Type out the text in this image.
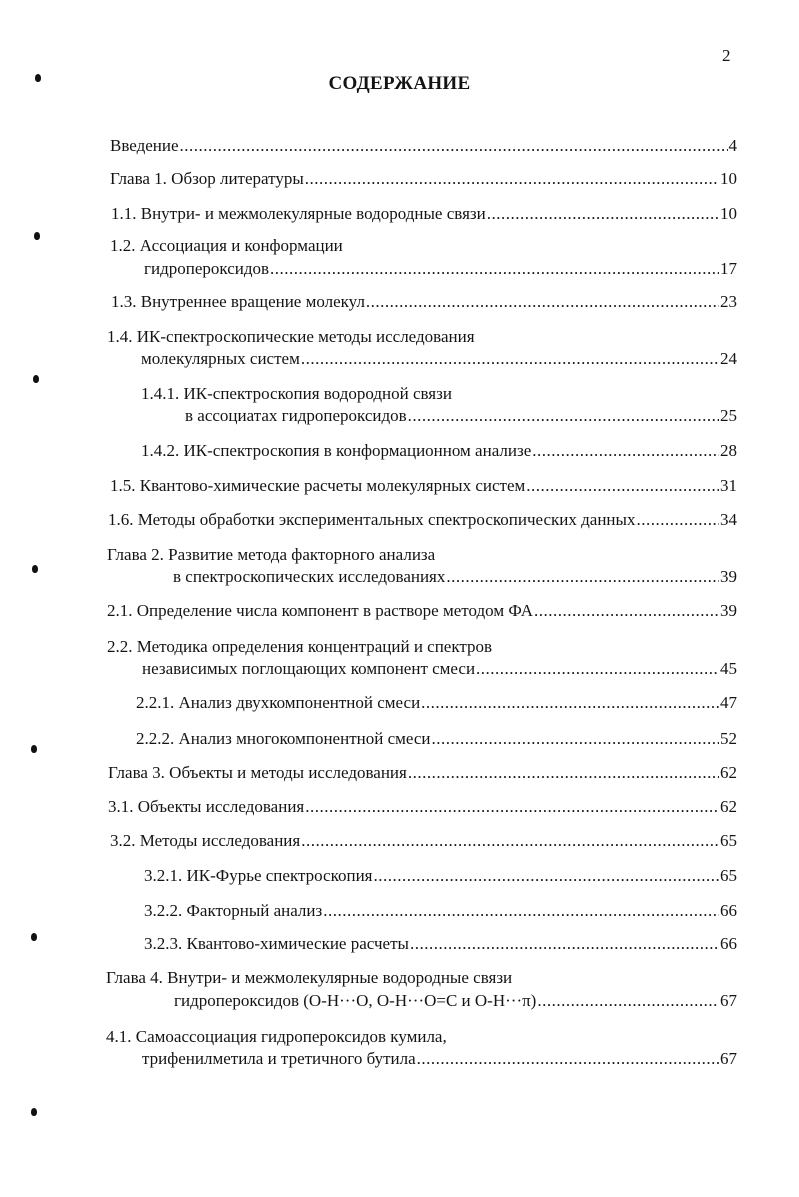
2
СОДЕРЖАНИЕ
Введение .....	4
Глава 1. Обзор литературы .....	10
1.1. Внутри- и межмолекулярные водородные связи .....	10
1.2. Ассоциация и конформации
гидропероксидов .....	17
1.3. Внутреннее вращение молекул .....	23
1.4. ИК-спектроскопические методы исследования
молекулярных систем .....	24
1.4.1. ИК-спектроскопия водородной связи
в ассоциатах гидропероксидов .....	25
1.4.2. ИК-спектроскопия в конформационном анализе .....	28
1.5. Квантово-химические расчеты молекулярных систем .....	31
1.6. Методы обработки экспериментальных спектроскопических данных .....	34
Глава 2. Развитие метода факторного анализа
в спектроскопических исследованиях .....	39
2.1. Определение числа компонент в растворе методом ФА .....	39
2.2. Методика определения концентраций и спектров
независимых поглощающих компонент смеси .....	45
2.2.1. Анализ двухкомпонентной смеси .....	47
2.2.2. Анализ многокомпонентной смеси .....	52
Глава 3. Объекты и методы исследования .....	62
3.1. Объекты исследования .....	62
3.2. Методы исследования .....	65
3.2.1. ИК-Фурье спектроскопия .....	65
3.2.2. Факторный анализ .....	66
3.2.3. Квантово-химические расчеты .....	66
Глава 4. Внутри- и межмолекулярные водородные связи
гидропероксидов (О-Н···О, О-Н···О=С и О-Н···π) .....	67
4.1. Самоассоциация гидропероксидов кумила,
трифенилметила и третичного бутила .....	67
